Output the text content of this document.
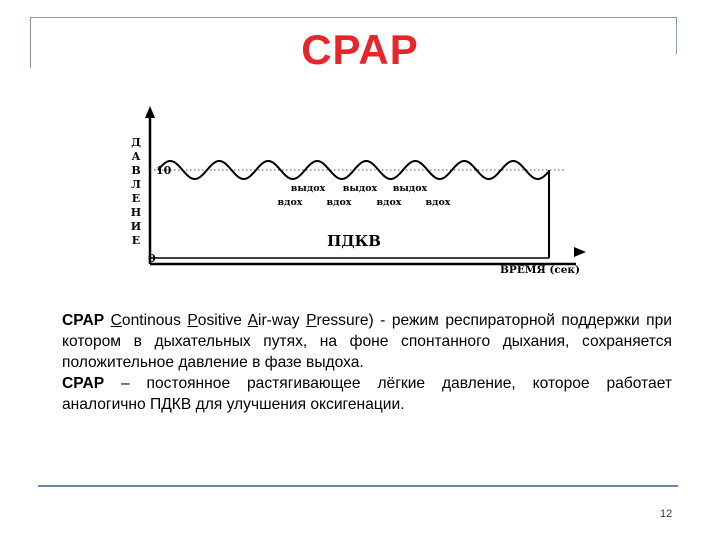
CPAP
Д
А
В
Л
Е
Н
И
Е
10
0
выдох выдох выдох
вдох	вдох	вдох	вдох
ПДКВ
ВРЕМЯ (сек)

CPAP Continous Positive Air-way Pressure) - режим респираторной поддержки при котором в дыхательных путях, на фоне спонтанного дыхания, сохраняется положительное давление в фазе выдоха.

CPAP – постоянное растягивающее лёгкие давление, которое работает аналогично ПДКВ для улучшения оксигенации.

12
